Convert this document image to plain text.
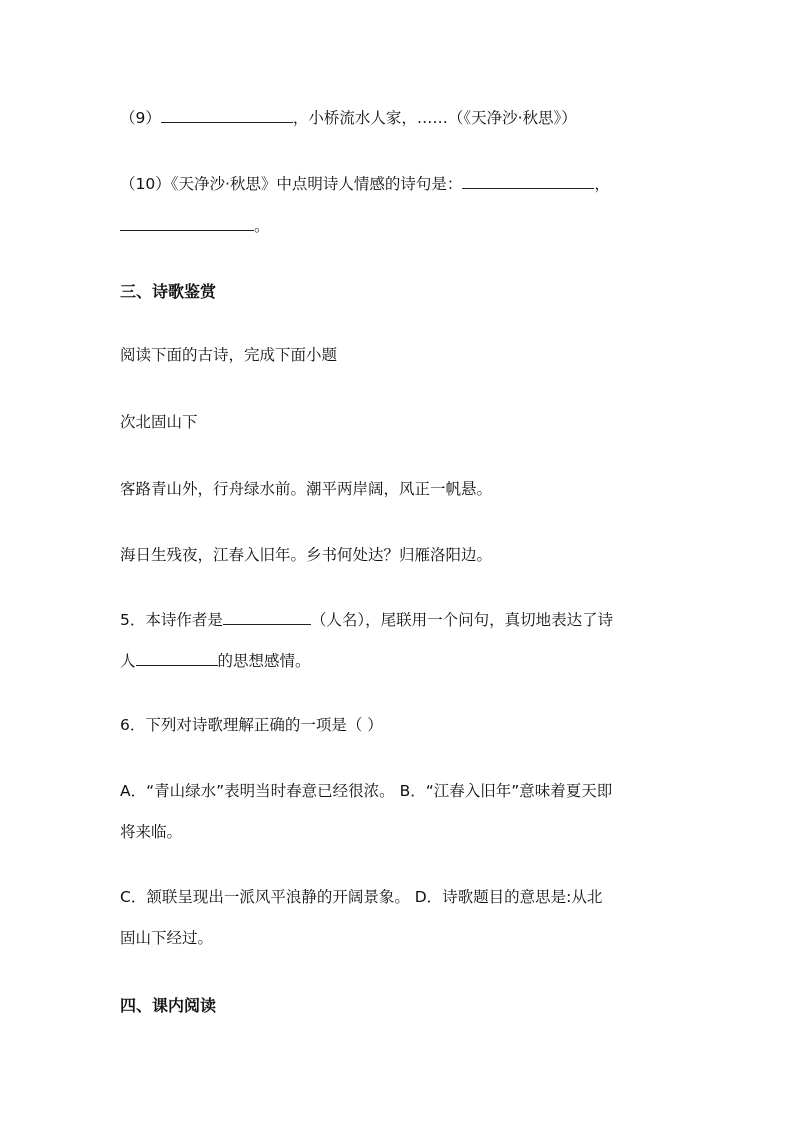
（9）	，小桥流水人家，……（《天净沙·秋思》）
（10）《天净沙·秋思》中点明诗人情感的诗句是：	，
。
三、诗歌鉴赏
阅读下面的古诗，完成下面小题
次北固山下
客路青山外，行舟绿水前。潮平两岸阔，风正一帆悬。
海日生残夜，江春入旧年。乡书何处达？归雁洛阳边。
5．本诗作者是	（人名），尾联用一个问句，真切地表达了诗
人	的思想感情。
6．下列对诗歌理解正确的一项是（ ）
A．“青山绿水”表明当时春意已经很浓。 B．“江春入旧年”意味着夏天即
将来临。
C．颔联呈现出一派风平浪静的开阔景象。 D．诗歌题目的意思是:从北
固山下经过。
四、课内阅读
